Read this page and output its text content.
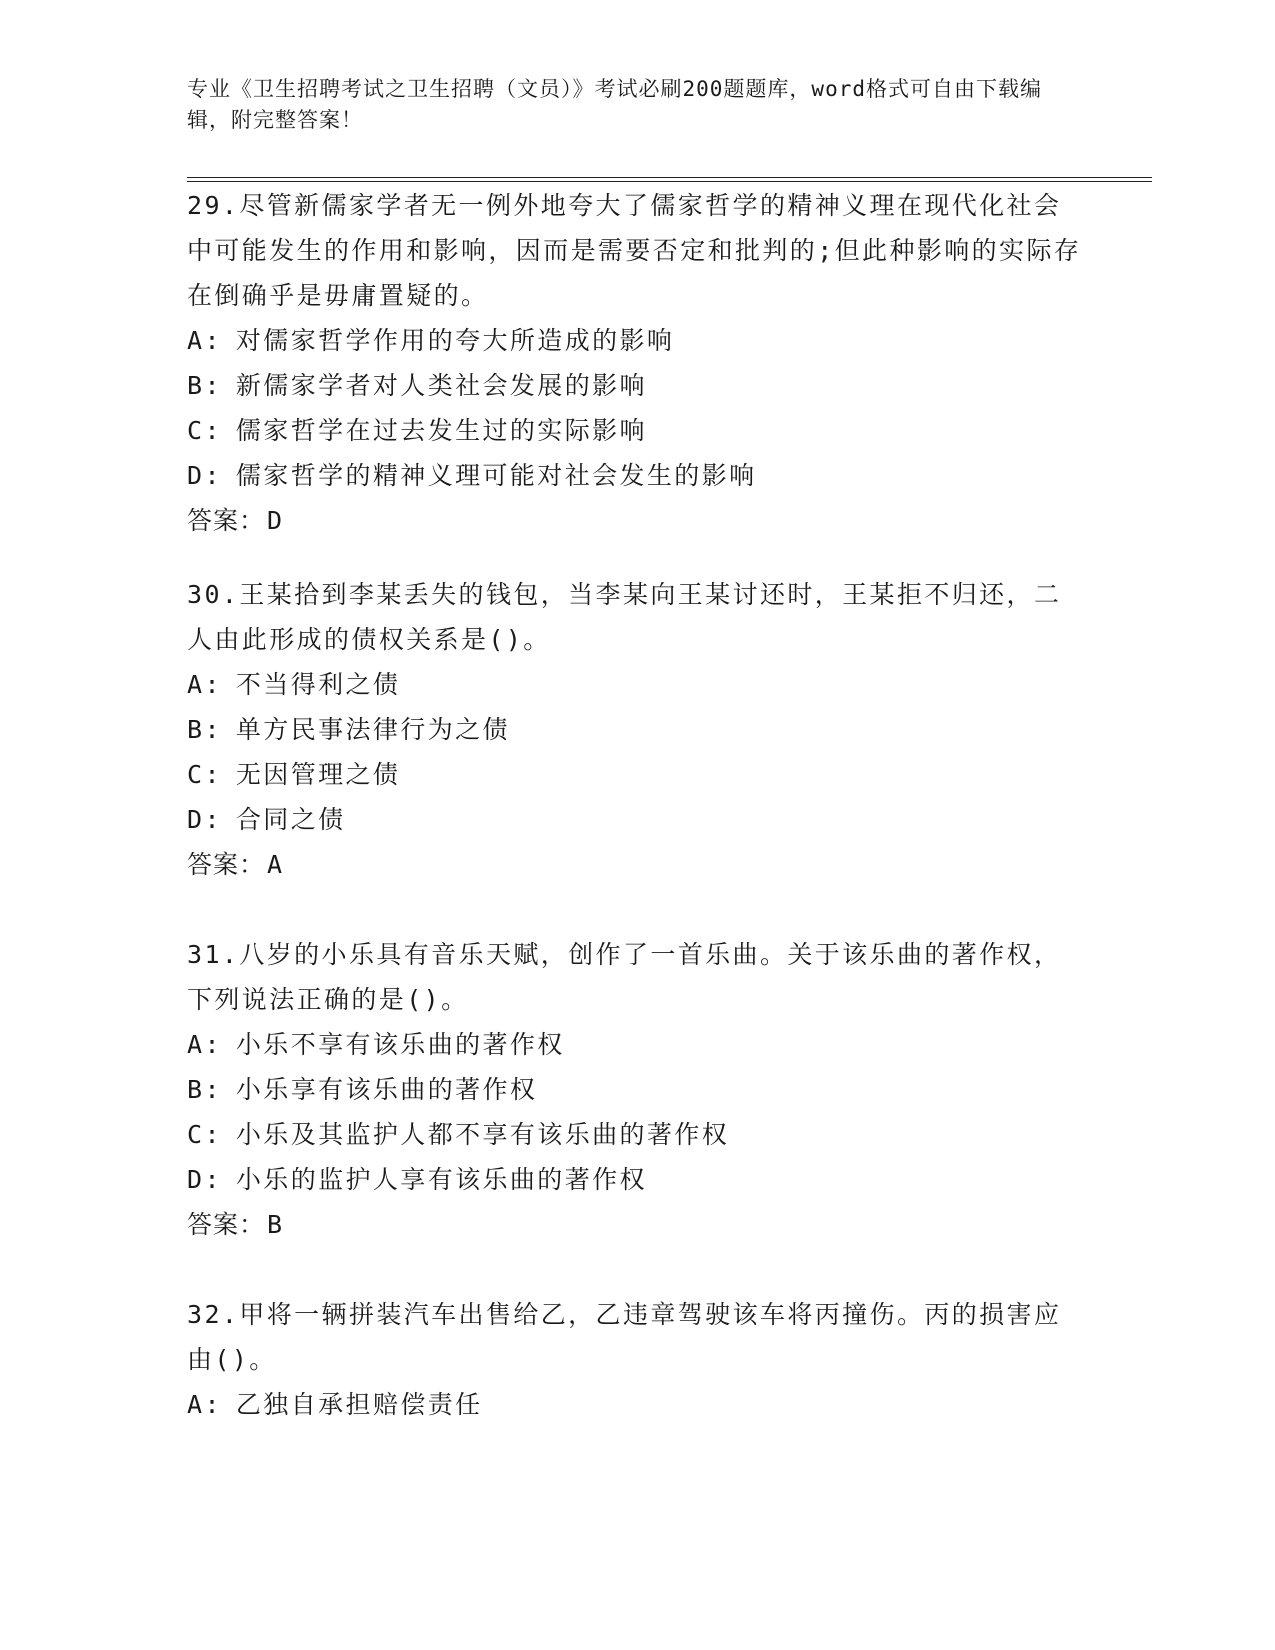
专业《卫生招聘考试之卫生招聘（文员）》考试必刷200题题库，word格式可自由下载编辑，附完整答案！

29.尽管新儒家学者无一例外地夸大了儒家哲学的精神义理在现代化社会中可能发生的作用和影响，因而是需要否定和批判的;但此种影响的实际存在倒确乎是毋庸置疑的。

A: 对儒家哲学作用的夸大所造成的影响

B: 新儒家学者对人类社会发展的影响

C: 儒家哲学在过去发生过的实际影响

D: 儒家哲学的精神义理可能对社会发生的影响

答案：D

30.王某拾到李某丢失的钱包，当李某向王某讨还时，王某拒不归还，二人由此形成的债权关系是()。

A: 不当得利之债

B: 单方民事法律行为之债

C: 无因管理之债

D: 合同之债

答案：A

31.八岁的小乐具有音乐天赋，创作了一首乐曲。关于该乐曲的著作权，下列说法正确的是()。

A: 小乐不享有该乐曲的著作权

B: 小乐享有该乐曲的著作权

C: 小乐及其监护人都不享有该乐曲的著作权

D: 小乐的监护人享有该乐曲的著作权

答案：B

32.甲将一辆拼装汽车出售给乙，乙违章驾驶该车将丙撞伤。丙的损害应由()。

A: 乙独自承担赔偿责任
